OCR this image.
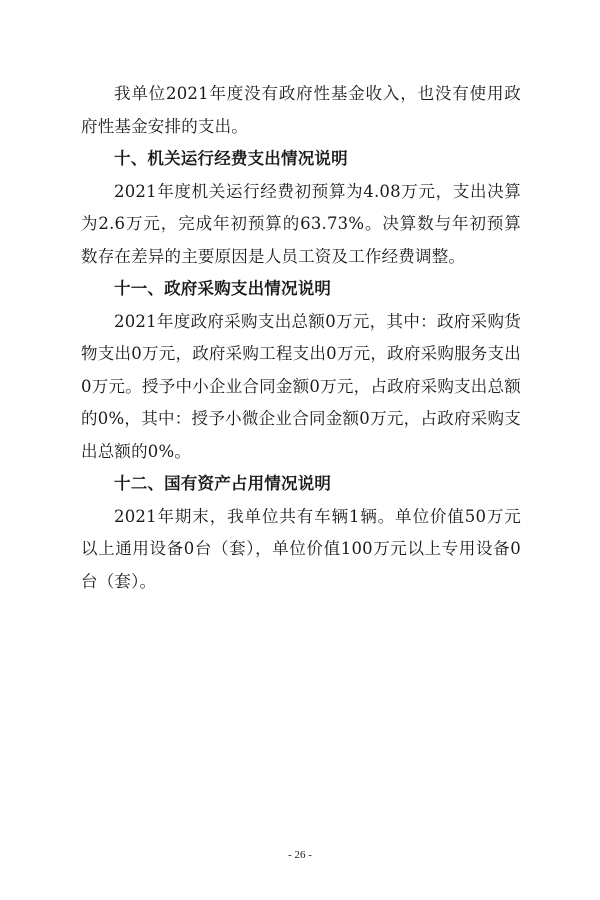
我单位2021年度没有政府性基金收入，也没有使用政府性基金安排的支出。

十、机关运行经费支出情况说明

2021年度机关运行经费初预算为4.08万元，支出决算为2.6万元，完成年初预算的63.73%。决算数与年初预算数存在差异的主要原因是人员工资及工作经费调整。

十一、政府采购支出情况说明

2021年度政府采购支出总额0万元，其中：政府采购货物支出0万元，政府采购工程支出0万元，政府采购服务支出0万元。授予中小企业合同金额0万元，占政府采购支出总额的0%，其中：授予小微企业合同金额0万元，占政府采购支出总额的0%。

十二、国有资产占用情况说明

2021年期末，我单位共有车辆1辆。单位价值50万元以上通用设备0台（套），单位价值100万元以上专用设备0台（套）。

- 26 -
